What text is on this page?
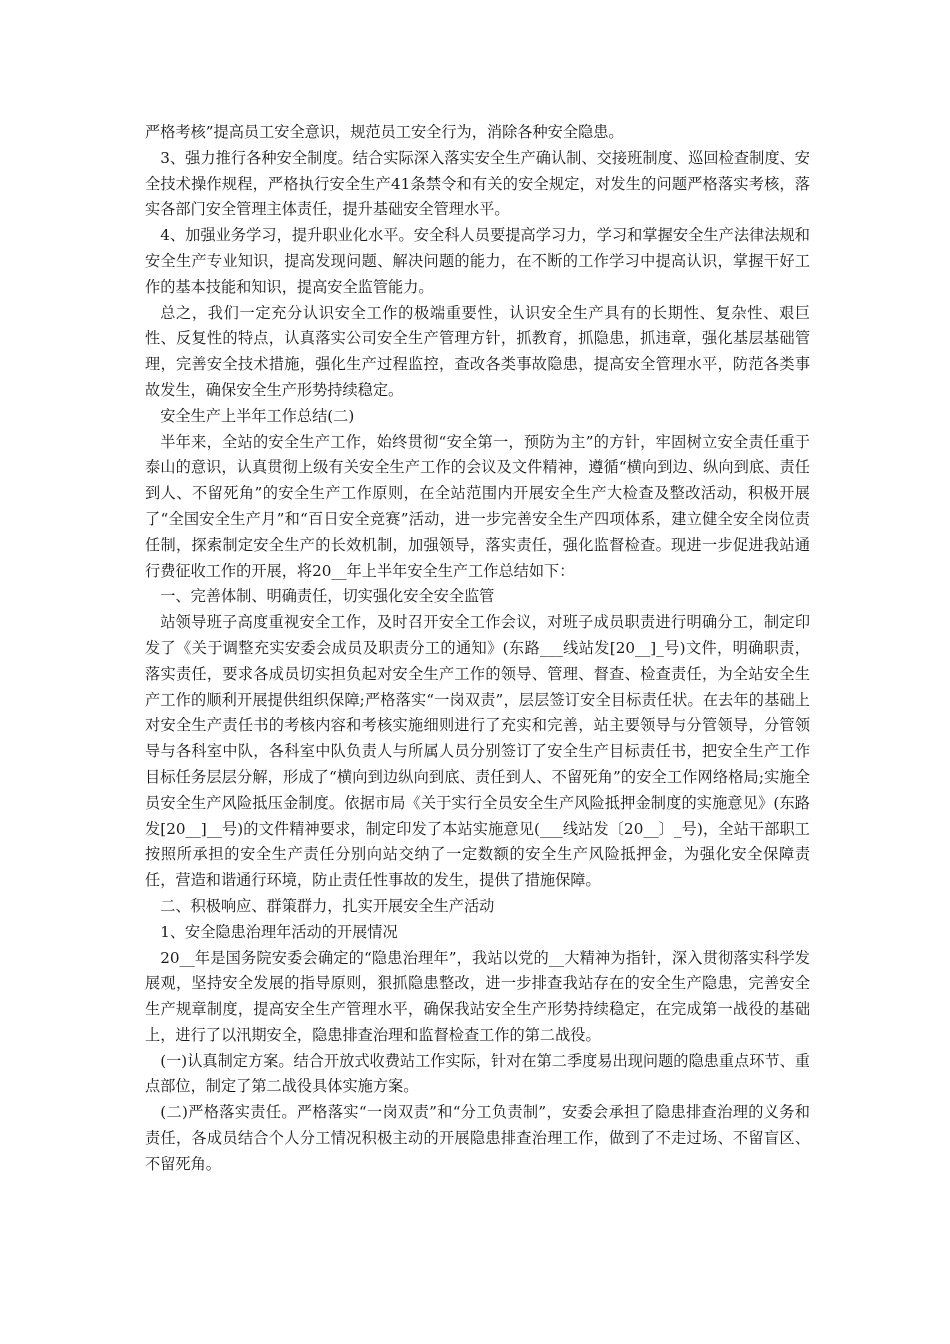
严格考核”提高员工安全意识，规范员工安全行为，消除各种安全隐患。

3、强力推行各种安全制度。结合实际深入落实安全生产确认制、交接班制度、巡回检查制度、安全技术操作规程，严格执行安全生产41条禁令和有关的安全规定，对发生的问题严格落实考核，落实各部门安全管理主体责任，提升基础安全管理水平。

4、加强业务学习，提升职业化水平。安全科人员要提高学习力，学习和掌握安全生产法律法规和安全生产专业知识，提高发现问题、解决问题的能力，在不断的工作学习中提高认识，掌握干好工作的基本技能和知识，提高安全监管能力。

总之，我们一定充分认识安全工作的极端重要性，认识安全生产具有的长期性、复杂性、艰巨性、反复性的特点，认真落实公司安全生产管理方针，抓教育，抓隐患，抓违章，强化基层基础管理，完善安全技术措施，强化生产过程监控，查改各类事故隐患，提高安全管理水平，防范各类事故发生，确保安全生产形势持续稳定。

安全生产上半年工作总结(二)

半年来，全站的安全生产工作，始终贯彻“安全第一，预防为主”的方针，牢固树立安全责任重于泰山的意识，认真贯彻上级有关安全生产工作的会议及文件精神，遵循“横向到边、纵向到底、责任到人、不留死角”的安全生产工作原则，在全站范围内开展安全生产大检查及整改活动，积极开展了“全国安全生产月”和“百日安全竞赛”活动，进一步完善安全生产四项体系，建立健全安全岗位责任制，探索制定安全生产的长效机制，加强领导，落实责任，强化监督检查。现进一步促进我站通行费征收工作的开展，将20__年上半年安全生产工作总结如下：

一、完善体制、明确责任，切实强化安全安全监管

站领导班子高度重视安全工作，及时召开安全工作会议，对班子成员职责进行明确分工，制定印发了《关于调整充实安委会成员及职责分工的通知》(东路___线站发[20__]_号)文件，明确职责，落实责任，要求各成员切实担负起对安全生产工作的领导、管理、督查、检查责任，为全站安全生产工作的顺利开展提供组织保障;严格落实“一岗双责”，层层签订安全目标责任状。在去年的基础上对安全生产责任书的考核内容和考核实施细则进行了充实和完善，站主要领导与分管领导，分管领导与各科室中队，各科室中队负责人与所属人员分别签订了安全生产目标责任书，把安全生产工作目标任务层层分解，形成了“横向到边纵向到底、责任到人、不留死角”的安全工作网络格局;实施全员安全生产风险抵压金制度。依据市局《关于实行全员安全生产风险抵押金制度的实施意见》(东路发[20__]__号)的文件精神要求，制定印发了本站实施意见(___线站发〔20__〕_号)，全站干部职工按照所承担的安全生产责任分别向站交纳了一定数额的安全生产风险抵押金，为强化安全保障责任，营造和谐通行环境，防止责任性事故的发生，提供了措施保障。

二、积极响应、群策群力，扎实开展安全生产活动

1、安全隐患治理年活动的开展情况

20__年是国务院安委会确定的“隐患治理年”，我站以党的__大精神为指针，深入贯彻落实科学发展观，坚持安全发展的指导原则，狠抓隐患整改，进一步排查我站存在的安全生产隐患，完善安全生产规章制度，提高安全生产管理水平，确保我站安全生产形势持续稳定，在完成第一战役的基础上，进行了以汛期安全，隐患排查治理和监督检查工作的第二战役。

(一)认真制定方案。结合开放式收费站工作实际，针对在第二季度易出现问题的隐患重点环节、重点部位，制定了第二战役具体实施方案。

(二)严格落实责任。严格落实“一岗双责”和“分工负责制”，安委会承担了隐患排查治理的义务和责任，各成员结合个人分工情况积极主动的开展隐患排查治理工作，做到了不走过场、不留盲区、不留死角。
